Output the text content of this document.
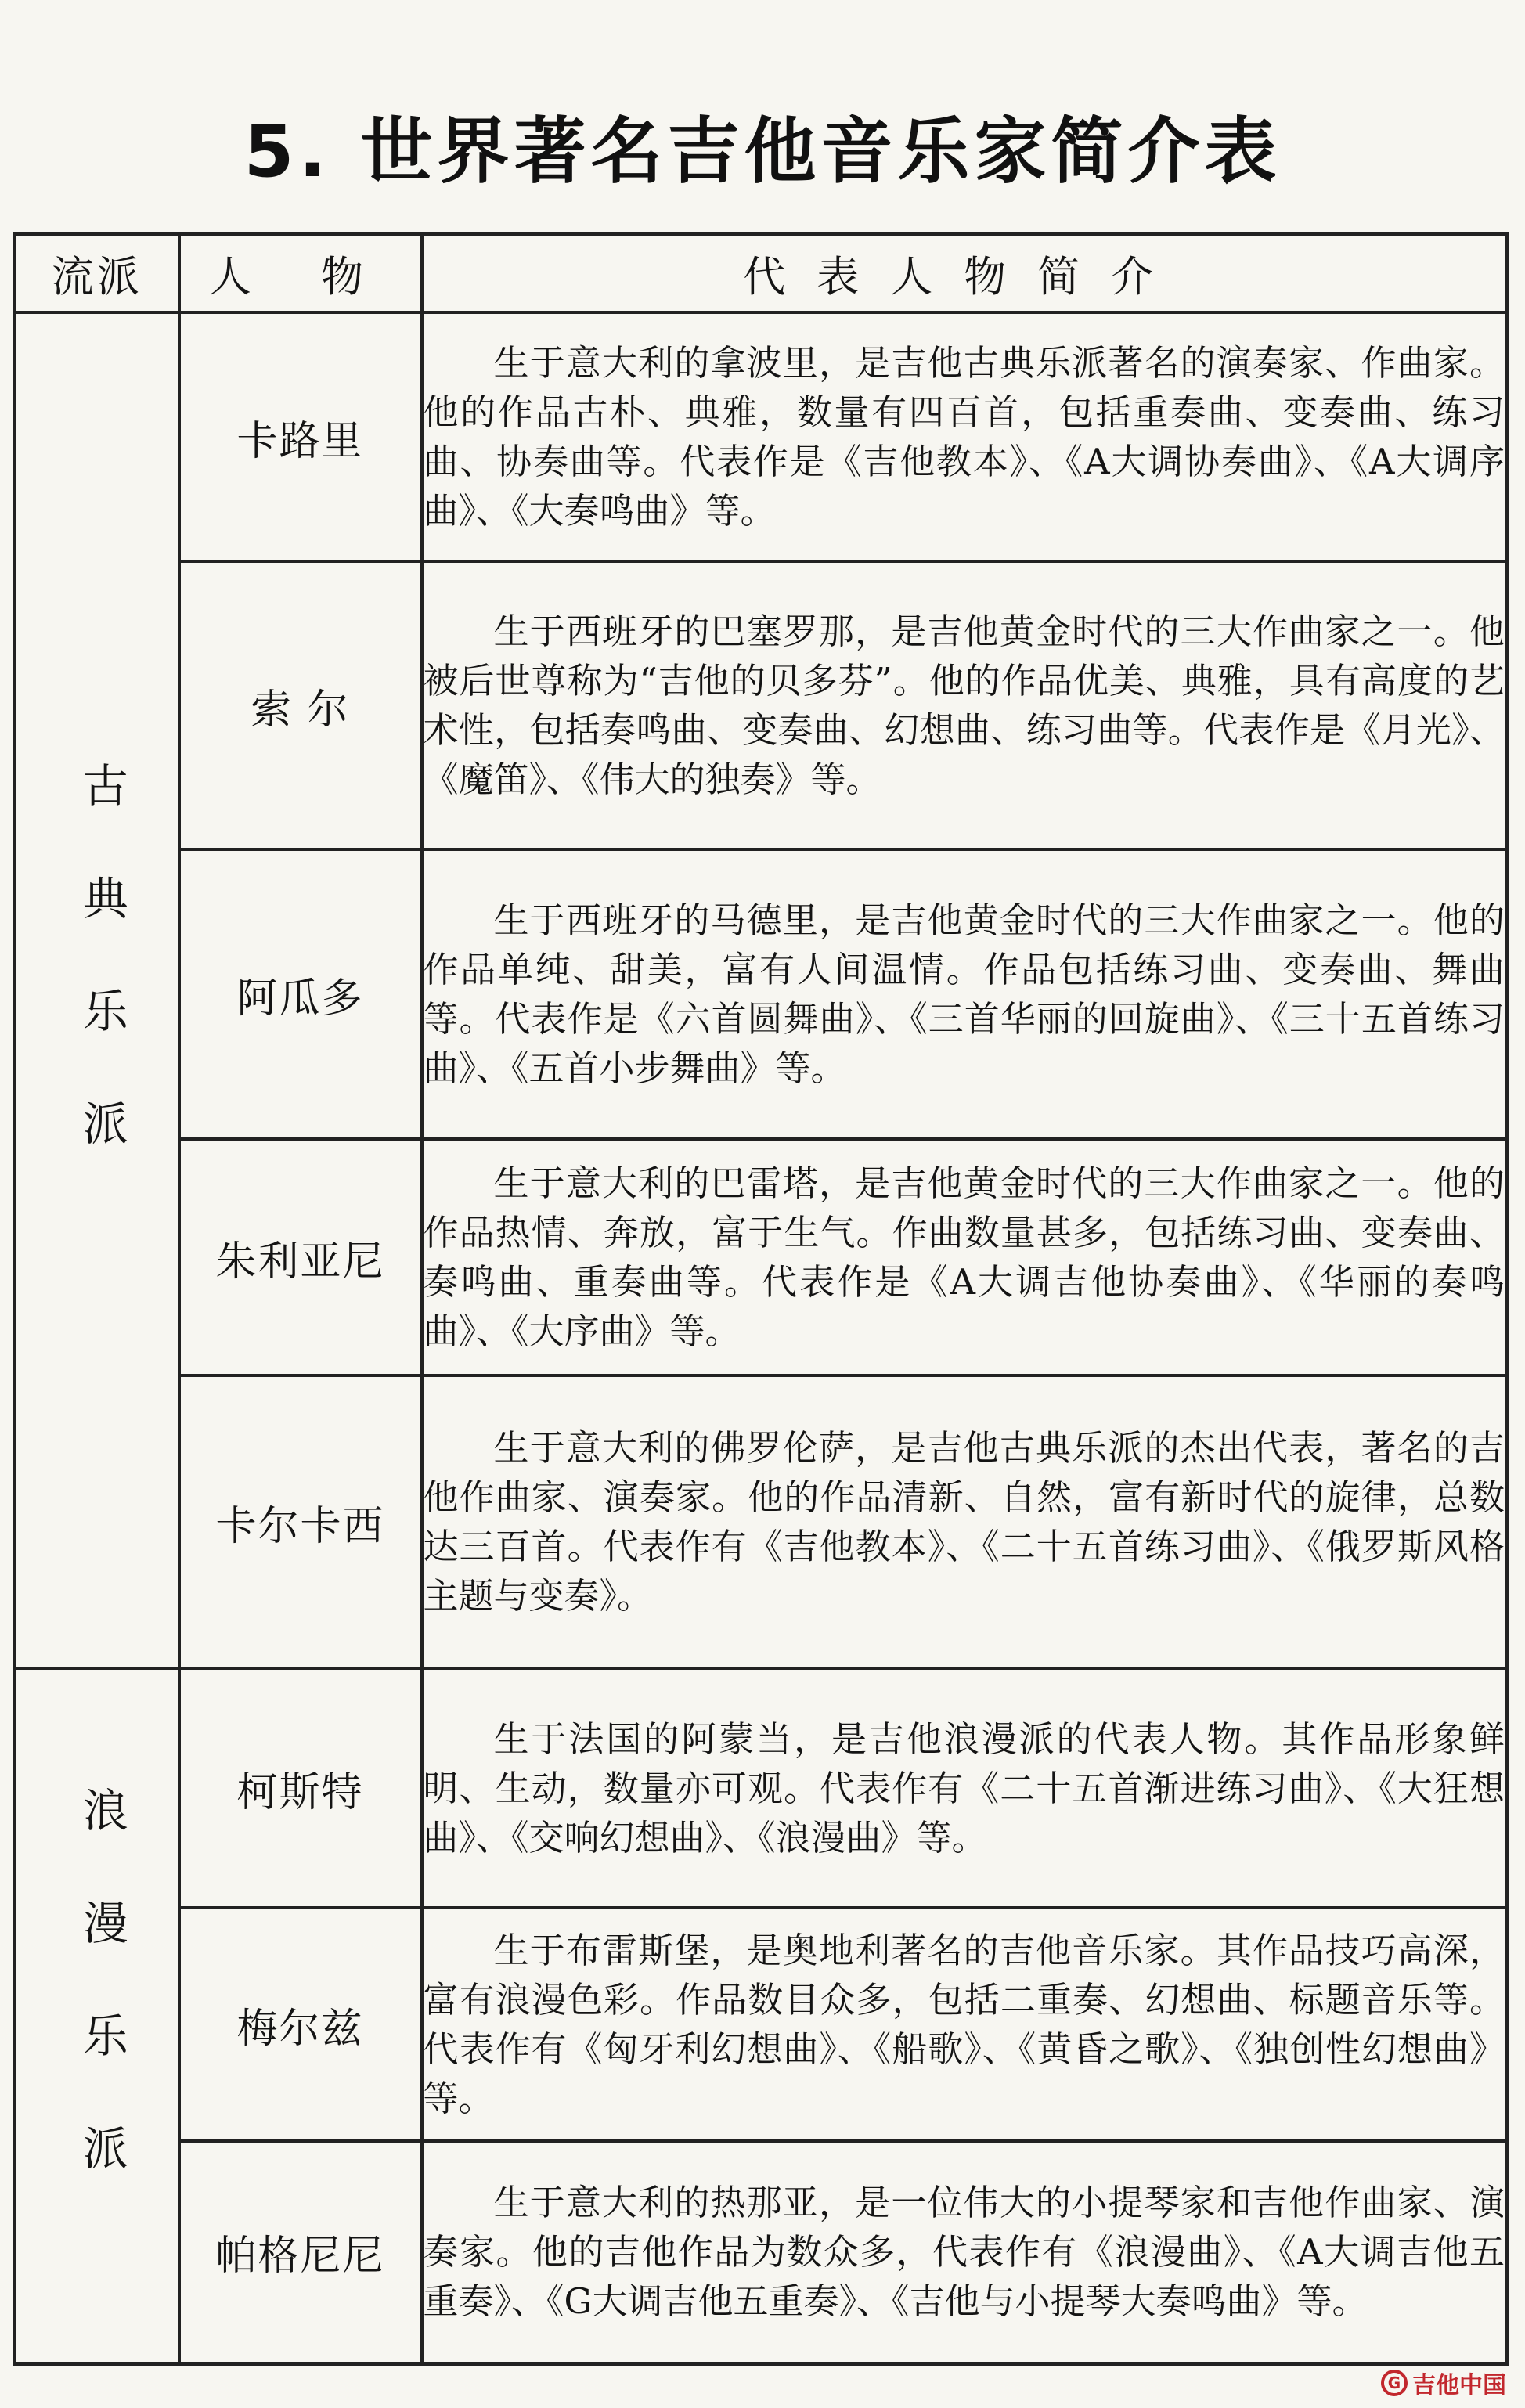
5. 世界著名吉他音乐家简介表
流派	人 物	代表人物简介
古典乐派	卡路里	生于意大利的拿波里，是吉他古典乐派著名的演奏家、作曲家。他的作品古朴、典雅，数量有四百首，包括重奏曲、变奏曲、练习曲、协奏曲等。代表作是《吉他教本》、《A大调协奏曲》、《A大调序曲》、《大奏鸣曲》等。
	索 尔	生于西班牙的巴塞罗那，是吉他黄金时代的三大作曲家之一。他被后世尊称为“吉他的贝多芬”。他的作品优美、典雅，具有高度的艺术性，包括奏鸣曲、变奏曲、幻想曲、练习曲等。代表作是《月光》、《魔笛》、《伟大的独奏》等。
	阿瓜多	生于西班牙的马德里，是吉他黄金时代的三大作曲家之一。他的作品单纯、甜美，富有人间温情。作品包括练习曲、变奏曲、舞曲等。代表作是《六首圆舞曲》、《三首华丽的回旋曲》、《三十五首练习曲》、《五首小步舞曲》等。
	朱利亚尼	生于意大利的巴雷塔，是吉他黄金时代的三大作曲家之一。他的作品热情、奔放，富于生气。作曲数量甚多，包括练习曲、变奏曲、奏鸣曲、重奏曲等。代表作是《A大调吉他协奏曲》、《华丽的奏鸣曲》、《大序曲》等。
	卡尔卡西	生于意大利的佛罗伦萨，是吉他古典乐派的杰出代表，著名的吉他作曲家、演奏家。他的作品清新、自然，富有新时代的旋律，总数达三百首。代表作有《吉他教本》、《二十五首练习曲》、《俄罗斯风格主题与变奏》。
浪漫乐派	柯斯特	生于法国的阿蒙当，是吉他浪漫派的代表人物。其作品形象鲜明、生动，数量亦可观。代表作有《二十五首渐进练习曲》、《大狂想曲》、《交响幻想曲》、《浪漫曲》等。
	梅尔兹	生于布雷斯堡，是奥地利著名的吉他音乐家。其作品技巧高深，富有浪漫色彩。作品数目众多，包括二重奏、幻想曲、标题音乐等。代表作有《匈牙利幻想曲》、《船歌》、《黄昏之歌》、《独创性幻想曲》等。
	帕格尼尼	生于意大利的热那亚，是一位伟大的小提琴家和吉他作曲家、演奏家。他的吉他作品为数众多，代表作有《浪漫曲》、《A大调吉他五重奏》、《G大调吉他五重奏》、《吉他与小提琴大奏鸣曲》等。
G 吉他中国
